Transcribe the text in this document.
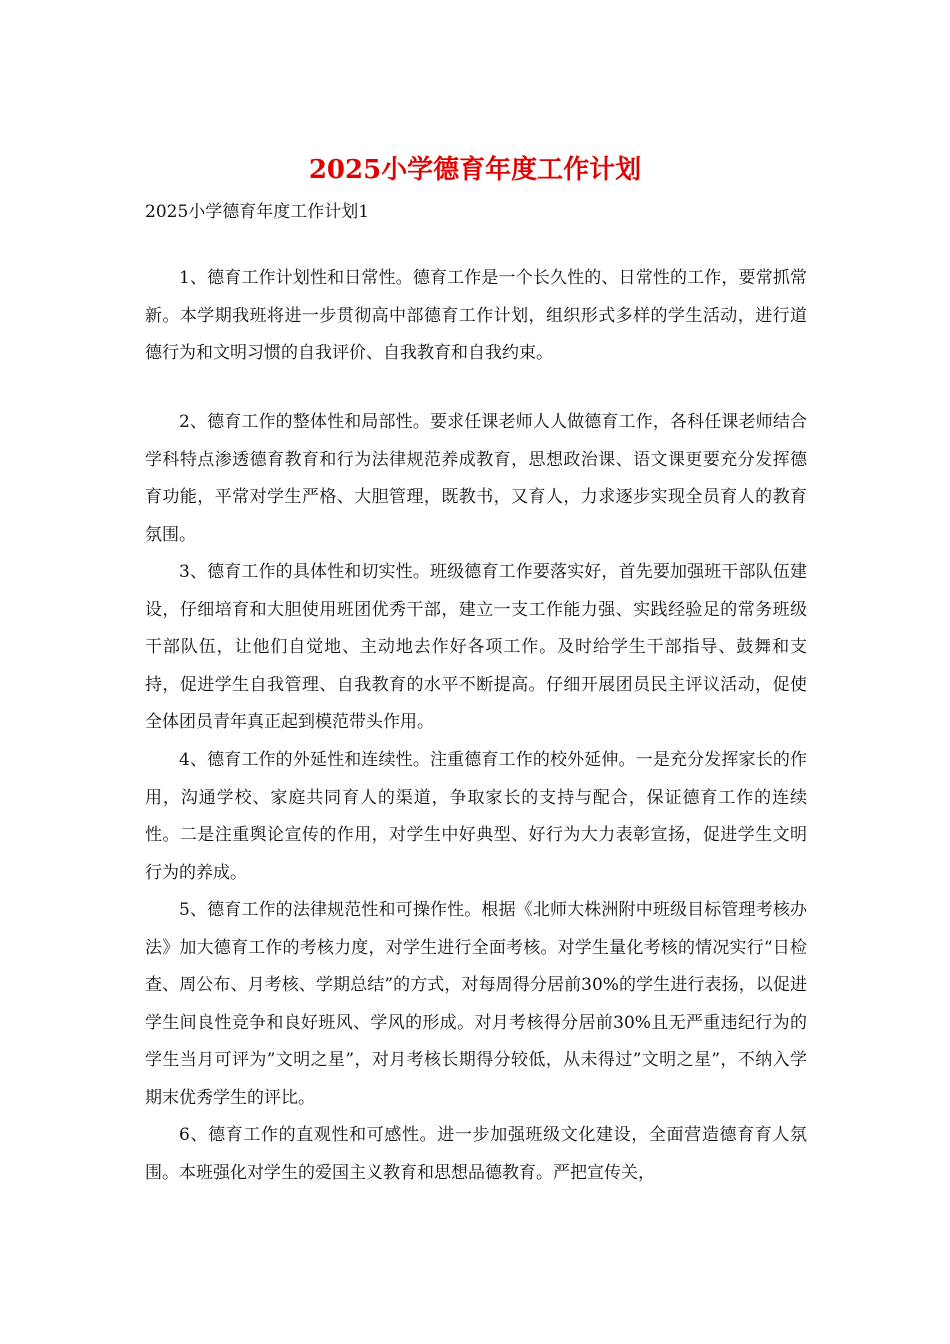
2025小学德育年度工作计划

2025小学德育年度工作计划1

1、德育工作计划性和日常性。德育工作是一个长久性的、日常性的工作，要常抓常新。本学期我班将进一步贯彻高中部德育工作计划，组织形式多样的学生活动，进行道德行为和文明习惯的自我评价、自我教育和自我约束。

2、德育工作的整体性和局部性。要求任课老师人人做德育工作，各科任课老师结合学科特点渗透德育教育和行为法律规范养成教育，思想政治课、语文课更要充分发挥德育功能，平常对学生严格、大胆管理，既教书，又育人，力求逐步实现全员育人的教育氛围。

3、德育工作的具体性和切实性。班级德育工作要落实好，首先要加强班干部队伍建设，仔细培育和大胆使用班团优秀干部，建立一支工作能力强、实践经验足的常务班级干部队伍，让他们自觉地、主动地去作好各项工作。及时给学生干部指导、鼓舞和支持，促进学生自我管理、自我教育的水平不断提高。仔细开展团员民主评议活动，促使全体团员青年真正起到模范带头作用。

4、德育工作的外延性和连续性。注重德育工作的校外延伸。一是充分发挥家长的作用，沟通学校、家庭共同育人的渠道，争取家长的支持与配合，保证德育工作的连续性。二是注重舆论宣传的作用，对学生中好典型、好行为大力表彰宣扬，促进学生文明行为的养成。

5、德育工作的法律规范性和可操作性。根据《北师大株洲附中班级目标管理考核办法》加大德育工作的考核力度，对学生进行全面考核。对学生量化考核的情况实行“日检查、周公布、月考核、学期总结”的方式，对每周得分居前30%的学生进行表扬，以促进学生间良性竞争和良好班风、学风的形成。对月考核得分居前30%且无严重违纪行为的学生当月可评为”文明之星”，对月考核长期得分较低，从未得过”文明之星”，不纳入学期末优秀学生的评比。

6、德育工作的直观性和可感性。进一步加强班级文化建设，全面营造德育育人氛围。本班强化对学生的爱国主义教育和思想品德教育。严把宣传关，
